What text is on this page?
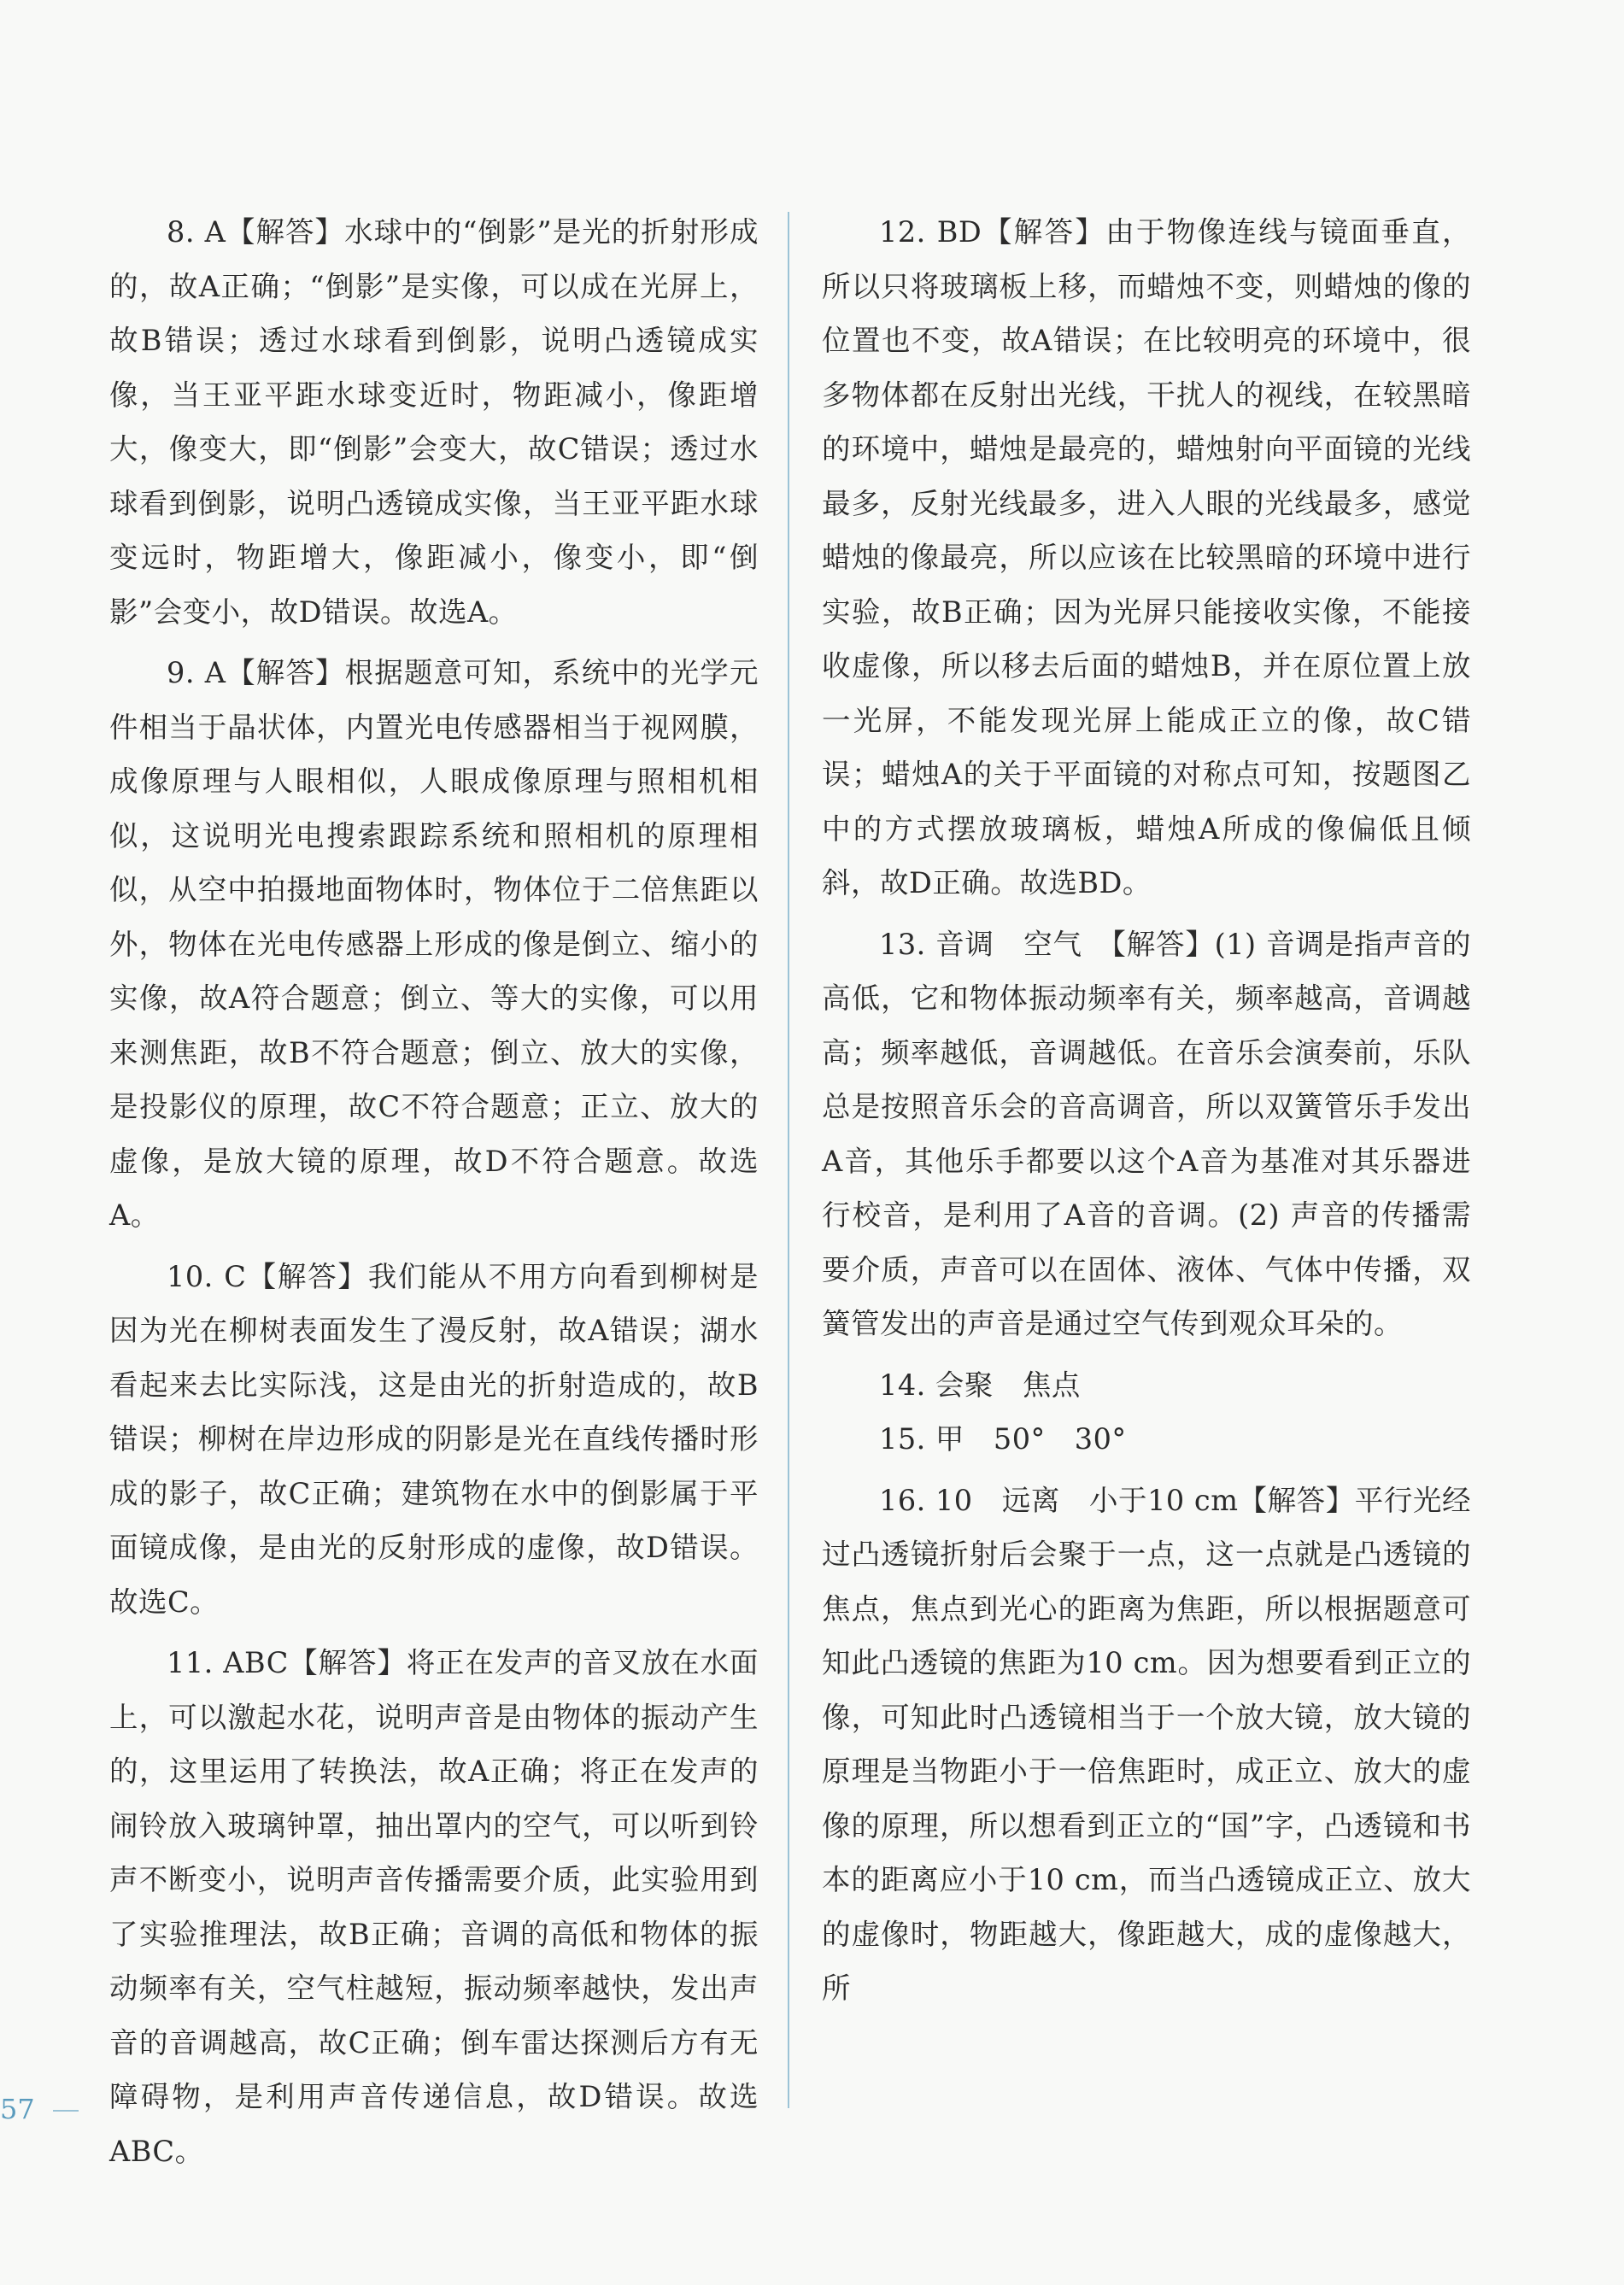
8. A【解答】水球中的“倒影”是光的折射形成的，故A正确；“倒影”是实像，可以成在光屏上，故B错误；透过水球看到倒影，说明凸透镜成实像，当王亚平距水球变近时，物距减小，像距增大，像变大，即“倒影”会变大，故C错误；透过水球看到倒影，说明凸透镜成实像，当王亚平距水球变远时，物距增大，像距减小，像变小，即“倒影”会变小，故D错误。故选A。

9. A【解答】根据题意可知，系统中的光学元件相当于晶状体，内置光电传感器相当于视网膜，成像原理与人眼相似，人眼成像原理与照相机相似，这说明光电搜索跟踪系统和照相机的原理相似，从空中拍摄地面物体时，物体位于二倍焦距以外，物体在光电传感器上形成的像是倒立、缩小的实像，故A符合题意；倒立、等大的实像，可以用来测焦距，故B不符合题意；倒立、放大的实像，是投影仪的原理，故C不符合题意；正立、放大的虚像，是放大镜的原理，故D不符合题意。故选A。

10. C【解答】我们能从不用方向看到柳树是因为光在柳树表面发生了漫反射，故A错误；湖水看起来去比实际浅，这是由光的折射造成的，故B错误；柳树在岸边形成的阴影是光在直线传播时形成的影子，故C正确；建筑物在水中的倒影属于平面镜成像，是由光的反射形成的虚像，故D错误。故选C。

11. ABC【解答】将正在发声的音叉放在水面上，可以激起水花，说明声音是由物体的振动产生的，这里运用了转换法，故A正确；将正在发声的闹铃放入玻璃钟罩，抽出罩内的空气，可以听到铃声不断变小，说明声音传播需要介质，此实验用到了实验推理法，故B正确；音调的高低和物体的振动频率有关，空气柱越短，振动频率越快，发出声音的音调越高，故C正确；倒车雷达探测后方有无障碍物，是利用声音传递信息，故D错误。故选ABC。

12. BD【解答】由于物像连线与镜面垂直，所以只将玻璃板上移，而蜡烛不变，则蜡烛的像的位置也不变，故A错误；在比较明亮的环境中，很多物体都在反射出光线，干扰人的视线，在较黑暗的环境中，蜡烛是最亮的，蜡烛射向平面镜的光线最多，反射光线最多，进入人眼的光线最多，感觉蜡烛的像最亮，所以应该在比较黑暗的环境中进行实验，故B正确；因为光屏只能接收实像，不能接收虚像，所以移去后面的蜡烛B，并在原位置上放一光屏，不能发现光屏上能成正立的像，故C错误；蜡烛A的关于平面镜的对称点可知，按题图乙中的方式摆放玻璃板，蜡烛A所成的像偏低且倾斜，故D正确。故选BD。

13. 音调　空气　【解答】(1) 音调是指声音的高低，它和物体振动频率有关，频率越高，音调越高；频率越低，音调越低。在音乐会演奏前，乐队总是按照音乐会的音高调音，所以双簧管乐手发出A音，其他乐手都要以这个A音为基准对其乐器进行校音，是利用了A音的音调。(2) 声音的传播需要介质，声音可以在固体、液体、气体中传播，双簧管发出的声音是通过空气传到观众耳朵的。

14. 会聚　焦点

15. 甲　50°　30°

16. 10　远离　小于10 cm【解答】平行光经过凸透镜折射后会聚于一点，这一点就是凸透镜的焦点，焦点到光心的距离为焦距，所以根据题意可知此凸透镜的焦距为10 cm。因为想要看到正立的像，可知此时凸透镜相当于一个放大镜，放大镜的原理是当物距小于一倍焦距时，成正立、放大的虚像的原理，所以想看到正立的“国”字，凸透镜和书本的距离应小于10 cm，而当凸透镜成正立、放大的虚像时，物距越大，像距越大，成的虚像越大，所

57
